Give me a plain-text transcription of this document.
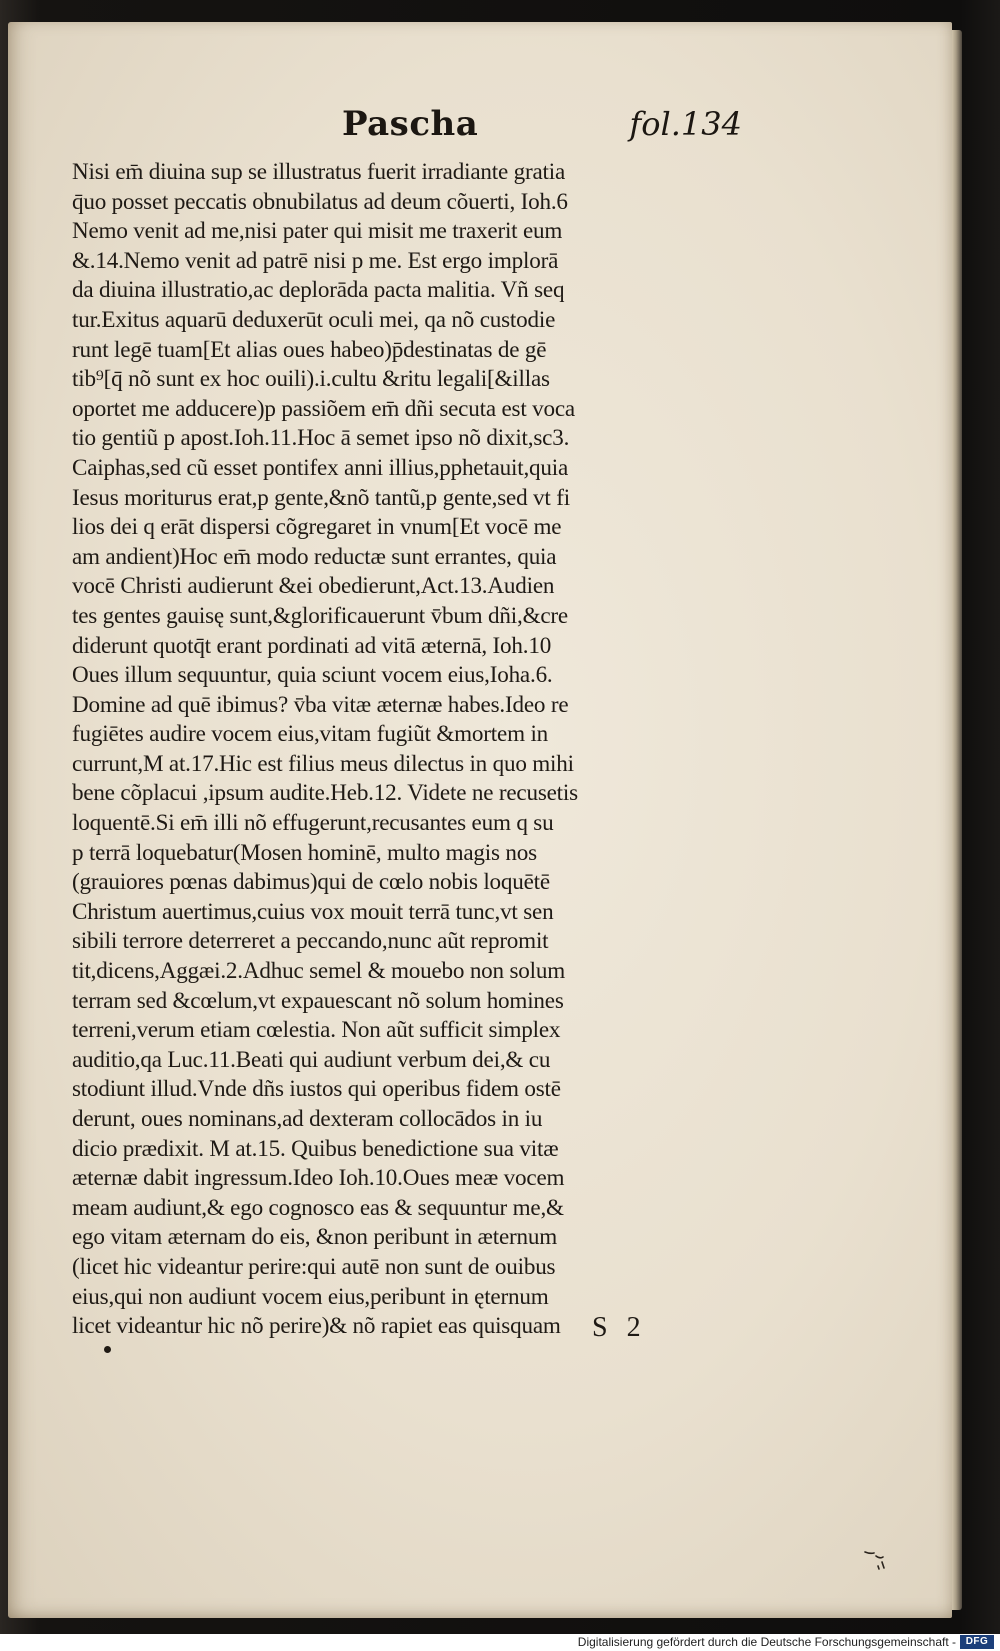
Pascha	fol.134
Nisi em̄ diuina sup se illustratus fuerit irradiante gratia
q̄uo posset peccatis obnubilatus ad deum cõuerti, Ioh.6
Nemo venit ad me,nisi pater qui misit me traxerit eum
&.14.Nemo venit ad patrē nisi p me. Est ergo implorā
da diuina illustratio,ac deplorāda pacta malitia. Vñ seq
tur.Exitus aquarū deduxerūt oculi mei, qa nõ custodie
runt legē tuam[Et alias oues habeo)p̄destinatas de gē
tib⁹[q̄ nõ sunt ex hoc ouili).i.cultu &ritu legali[&illas
oportet me adducere)p passiõem em̄ dñi secuta est voca
tio gentiũ p apost.Ioh.11.Hoc ā semet ipso nõ dixit,sc3.
Caiphas,sed cũ esset pontifex anni illius,pphetauit,quia
Iesus moriturus erat,p gente,&nõ tantũ,p gente,sed vt fi
lios dei q erāt dispersi cõgregaret in vnum[Et vocē me
am andient)Hoc em̄ modo reductæ sunt errantes, quia
vocē Christi audierunt &ei obedierunt,Act.13.Audien
tes gentes gauisę sunt,&glorificauerunt v̄bum dñi,&cre
diderunt quotq̄t erant pordinati ad vitā æternā, Ioh.10
Oues illum sequuntur, quia sciunt vocem eius,Ioha.6.
Domine ad quē ibimus? v̄ba vitæ æternæ habes.Ideo re
fugiētes audire vocem eius,vitam fugiũt &mortem in
currunt,M at.17.Hic est filius meus dilectus in quo mihi
bene cõplacui ,ipsum audite.Heb.12. Videte ne recusetis
loquentē.Si em̄ illi nõ effugerunt,recusantes eum q su
p terrā loquebatur(Mosen hominē, multo magis nos
(grauiores pœnas dabimus)qui de cœlo nobis loquētē
Christum auertimus,cuius vox mouit terrā tunc,vt sen
sibili terrore deterreret a peccando,nunc aũt repromit
tit,dicens,Aggæi.2.Adhuc semel & mouebo non solum
terram sed &cœlum,vt expauescant nõ solum homines
terreni,verum etiam cœlestia. Non aũt sufficit simplex
auditio,qa Luc.11.Beati qui audiunt verbum dei,& cu
stodiunt illud.Vnde dñs iustos qui operibus fidem ostē
derunt, oues nominans,ad dexteram collocādos in iu
dicio prædixit. M at.15. Quibus benedictione sua vitæ
æternæ dabit ingressum.Ideo Ioh.10.Oues meæ vocem
meam audiunt,& ego cognosco eas & sequuntur me,&
ego vitam æternam do eis, &non peribunt in æternum
(licet hic videantur perire:qui autē non sunt de ouibus
eius,qui non audiunt vocem eius,peribunt in ęternum
licet videantur hic nõ perire)& nõ rapiet eas quisquam	S 2
Digitalisierung gefördert durch die Deutsche Forschungsgemeinschaft - DFG
